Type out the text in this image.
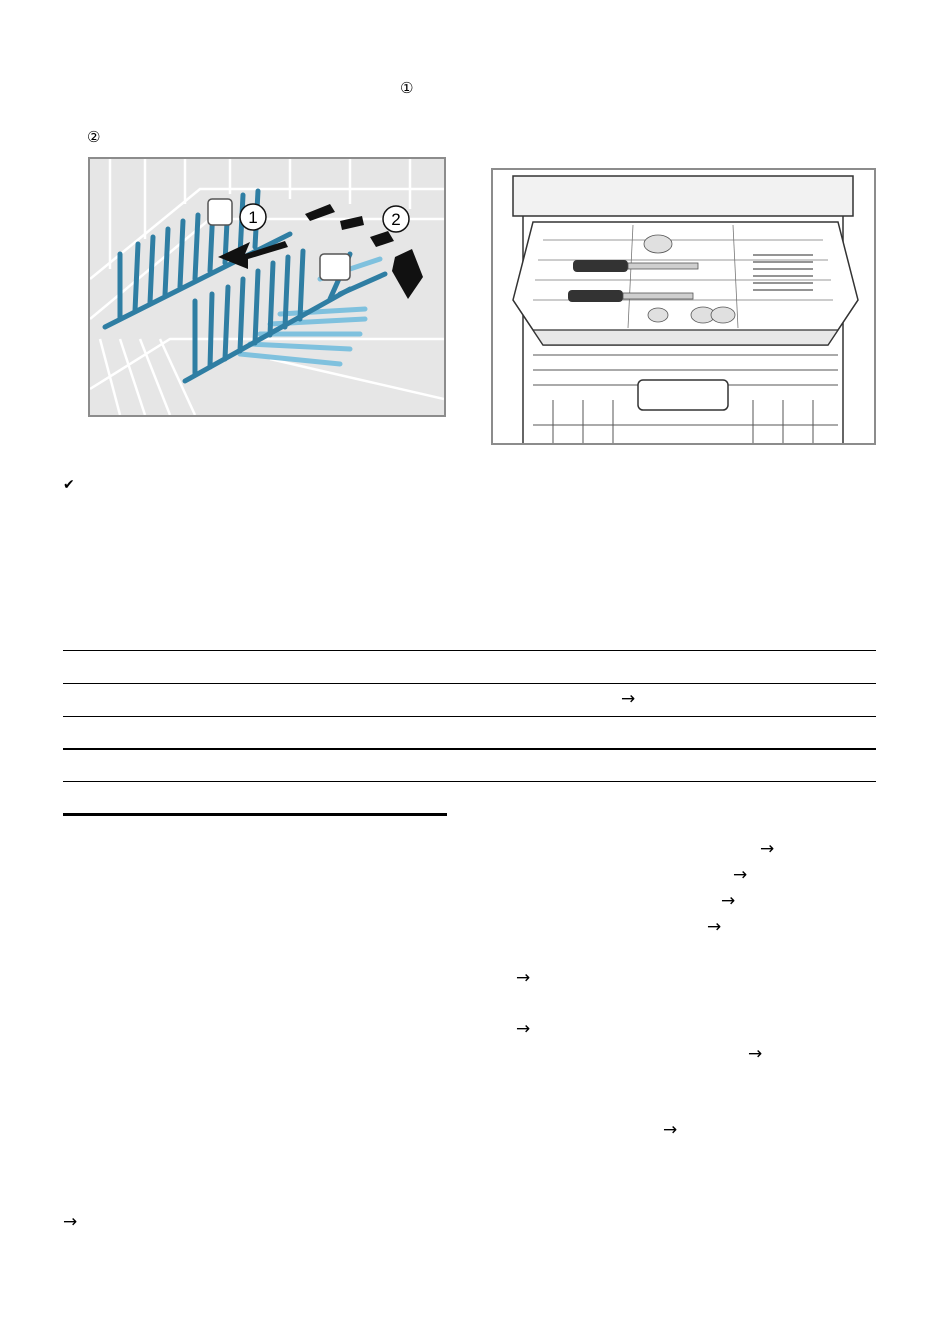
①
②
1	2
✔
→
→
→
→
→
→
→
→
→
→
